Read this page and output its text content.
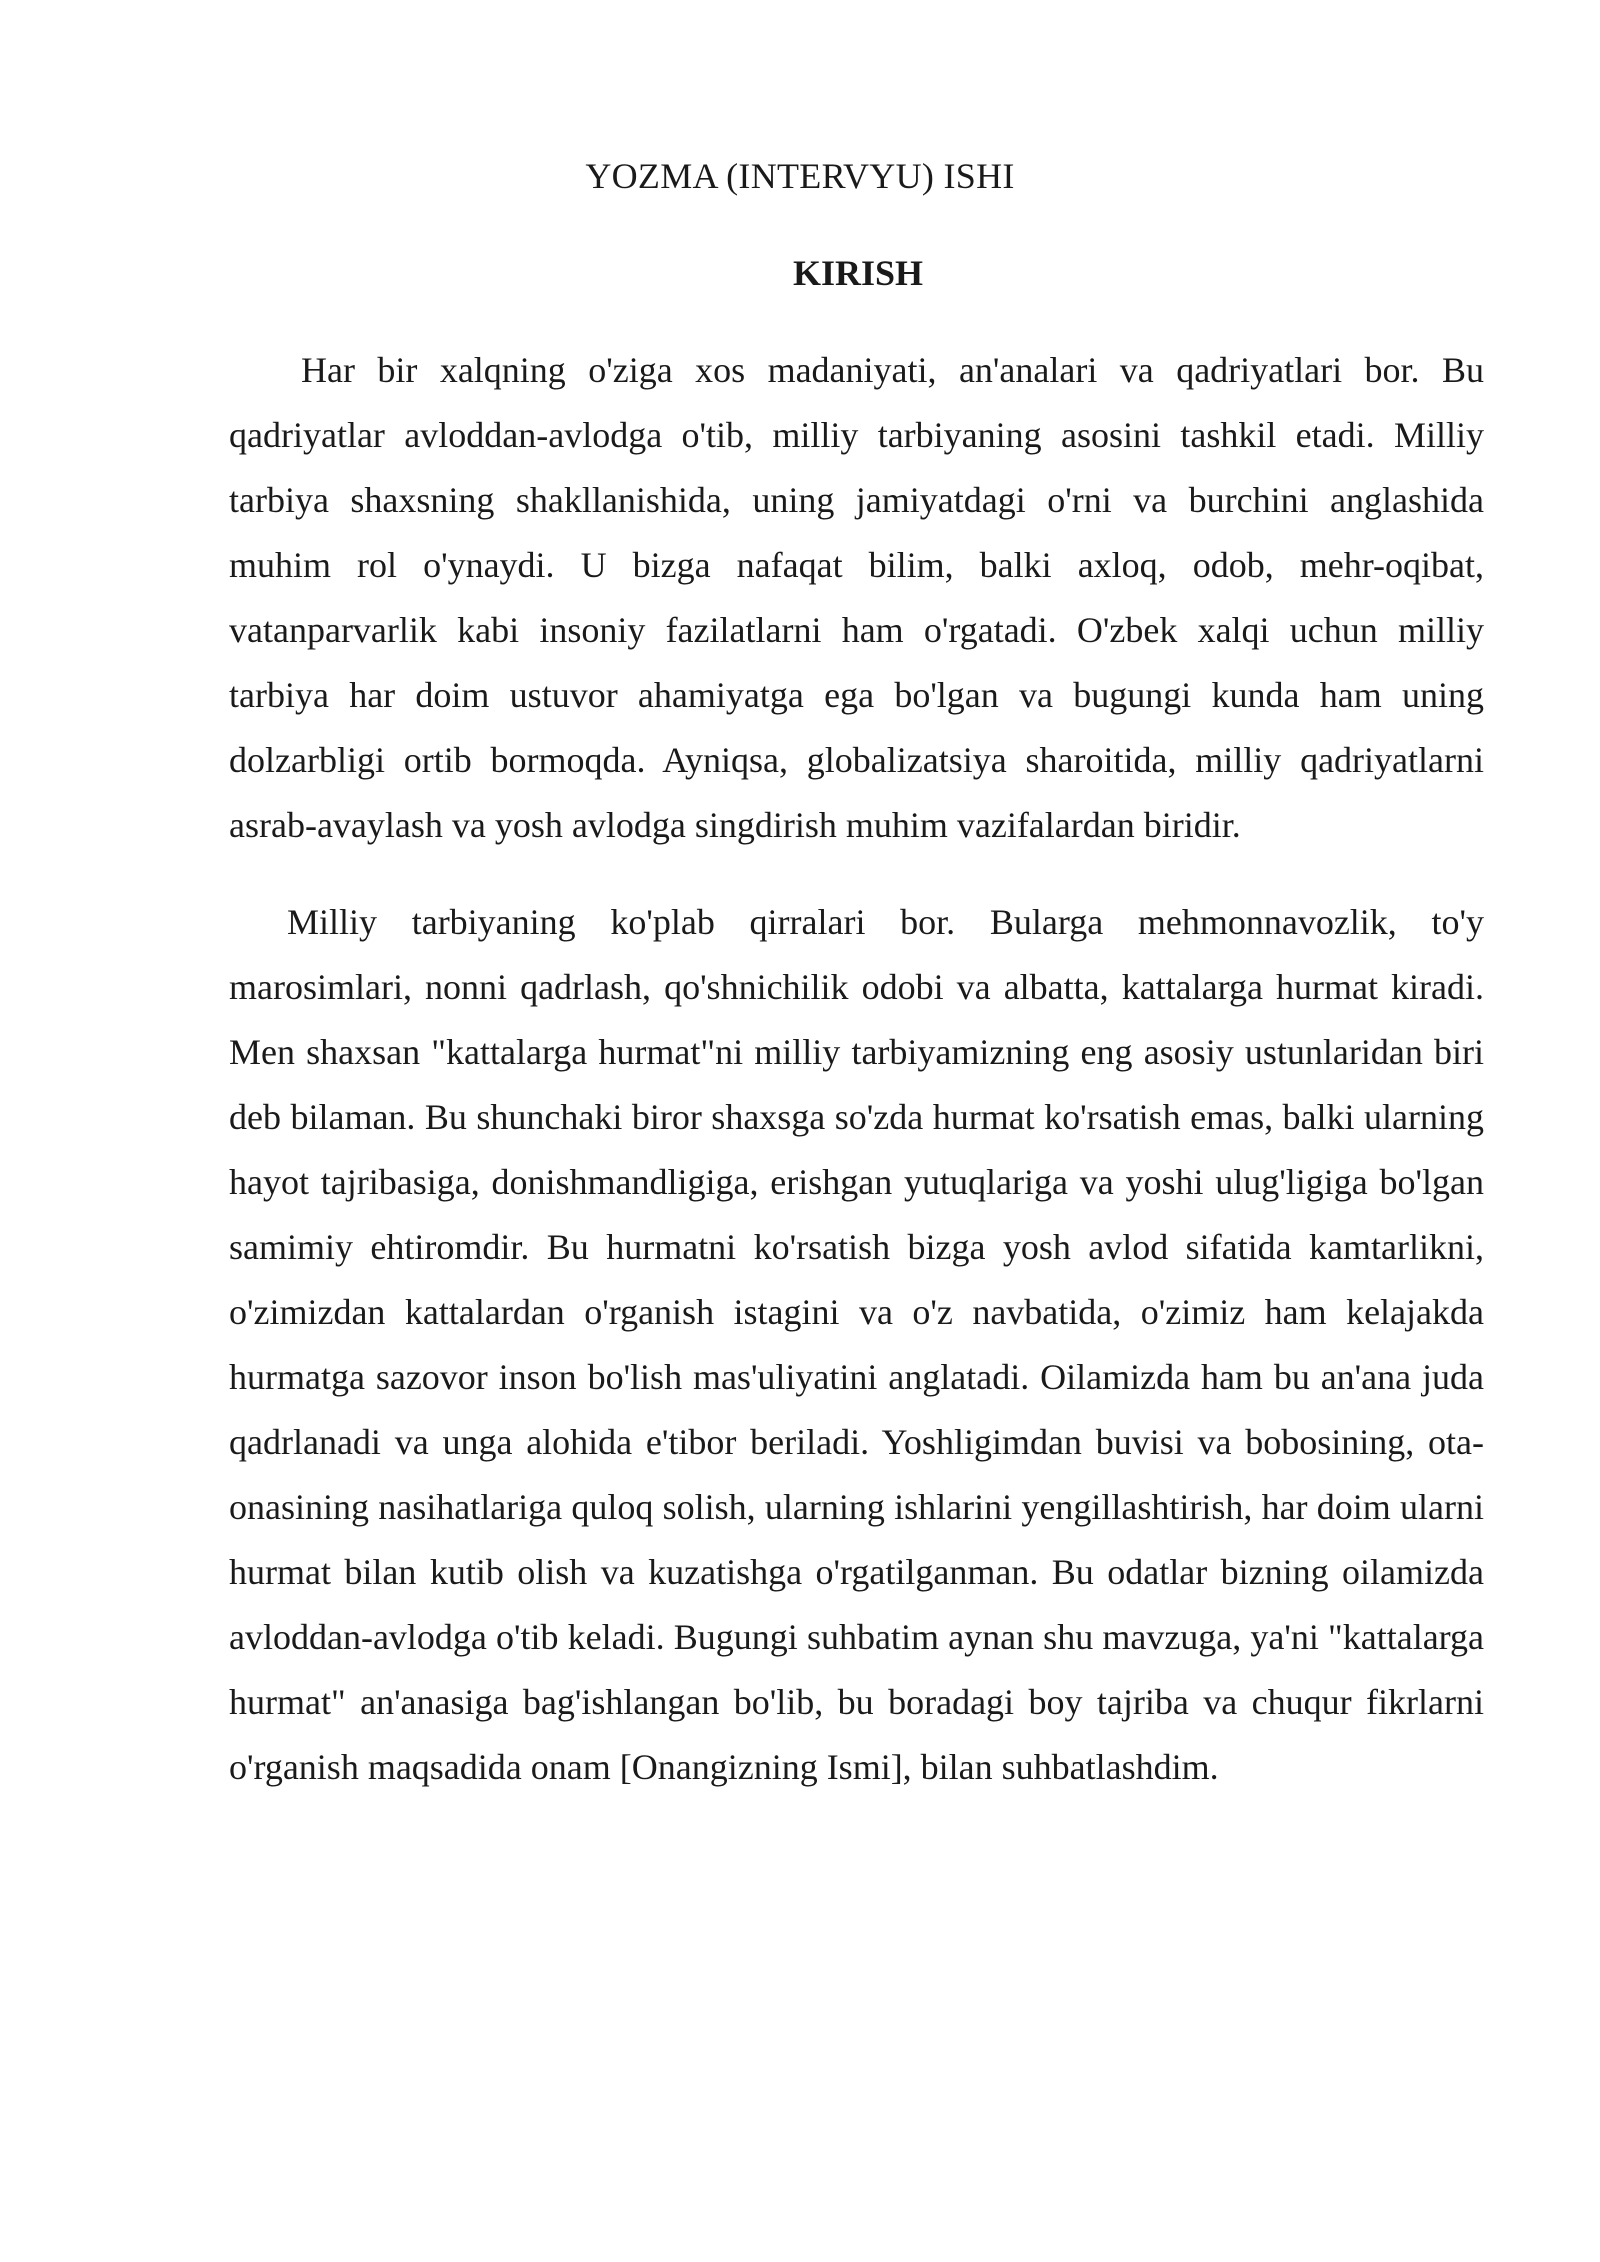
YOZMA (INTERVYU) ISHI
KIRISH

Har bir xalqning o'ziga xos madaniyati, an'analari va qadriyatlari bor. Bu qadriyatlar avloddan-avlodga o'tib, milliy tarbiyaning asosini tashkil etadi. Milliy tarbiya shaxsning shakllanishida, uning jamiyatdagi o'rni va burchini anglashida muhim rol o'ynaydi. U bizga nafaqat bilim, balki axloq, odob, mehr-oqibat, vatanparvarlik kabi insoniy fazilatlarni ham o'rgatadi. O'zbek xalqi uchun milliy tarbiya har doim ustuvor ahamiyatga ega bo'lgan va bugungi kunda ham uning dolzarbligi ortib bormoqda. Ayniqsa, globalizatsiya sharoitida, milliy qadriyatlarni asrab-avaylash va yosh avlodga singdirish muhim vazifalardan biridir.

Milliy tarbiyaning ko'plab qirralari bor. Bularga mehmonnavozlik, to'y marosimlari, nonni qadrlash, qo'shnichilik odobi va albatta, kattalarga hurmat kiradi. Men shaxsan "kattalarga hurmat"ni milliy tarbiyamizning eng asosiy ustunlaridan biri deb bilaman. Bu shunchaki biror shaxsga so'zda hurmat ko'rsatish emas, balki ularning hayot tajribasiga, donishmandligiga, erishgan yutuqlariga va yoshi ulug'ligiga bo'lgan samimiy ehtiromdir. Bu hurmatni ko'rsatish bizga yosh avlod sifatida kamtarlikni, o'zimizdan kattalardan o'rganish istagini va o'z navbatida, o'zimiz ham kelajakda hurmatga sazovor inson bo'lish mas'uliyatini anglatadi. Oilamizda ham bu an'ana juda qadrlanadi va unga alohida e'tibor beriladi. Yoshligimdan buvisi va bobosining, ota-onasining nasihatlariga quloq solish, ularning ishlarini yengillashtirish, har doim ularni hurmat bilan kutib olish va kuzatishga o'rgatilganman. Bu odatlar bizning oilamizda avloddan-avlodga o'tib keladi. Bugungi suhbatim aynan shu mavzuga, ya'ni "kattalarga hurmat" an'anasiga bag'ishlangan bo'lib, bu boradagi boy tajriba va chuqur fikrlarni o'rganish maqsadida onam [Onangizning Ismi], bilan suhbatlashdim.
